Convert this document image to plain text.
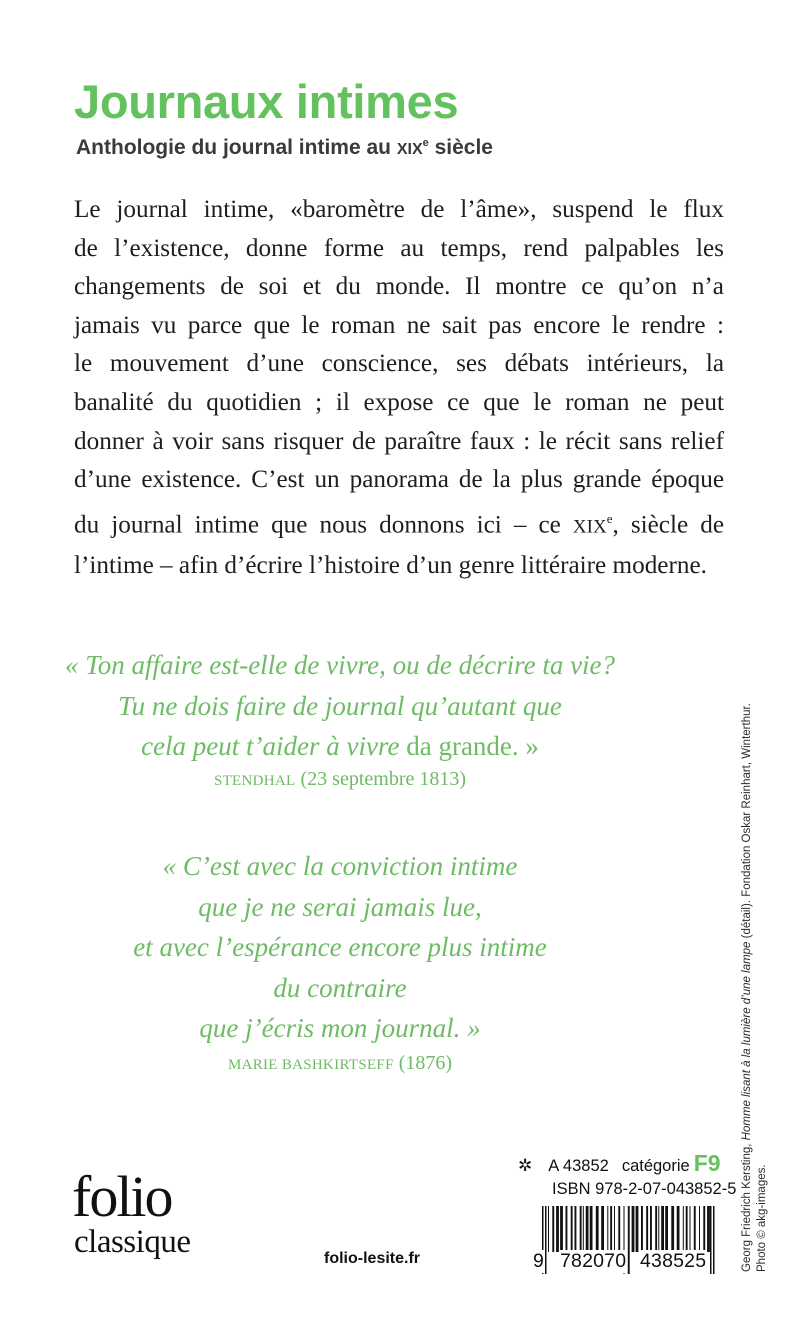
Journaux intimes

Anthologie du journal intime au XIXe siècle

Le journal intime, «baromètre de l’âme», suspend le flux
de l’existence, donne forme au temps, rend palpables les
changements de soi et du monde. Il montre ce qu’on n’a
jamais vu parce que le roman ne sait pas encore le rendre :
le mouvement d’une conscience, ses débats intérieurs, la
banalité du quotidien ; il expose ce que le roman ne peut
donner à voir sans risquer de paraître faux : le récit sans relief
d’une existence. C’est un panorama de la plus grande époque
du journal intime que nous donnons ici – ce XIXe, siècle de
l’intime – afin d’écrire l’histoire d’un genre littéraire moderne.
« Ton affaire est-elle de vivre, ou de décrire ta vie?
Tu ne dois faire de journal qu’autant que
cela peut t’aider à vivre da grande. »

STENDHAL (23 septembre 1813)

« C’est avec la conviction intime
que je ne serai jamais lue,
et avec l’espérance encore plus intime
du contraire
que j’écris mon journal. »

MARIE BASHKIRTSEFF (1876)

Georg Friedrich Kersting, Homme lisant à la lumière d’une lampe (détail). Fondation Oskar Reinhart, Winterthur.
Photo © akg-images.
folio
classique	folio-lesite.fr
✲ A 43852 catégorie F9
ISBN 978-2-07-043852-5
9 782070 438525
